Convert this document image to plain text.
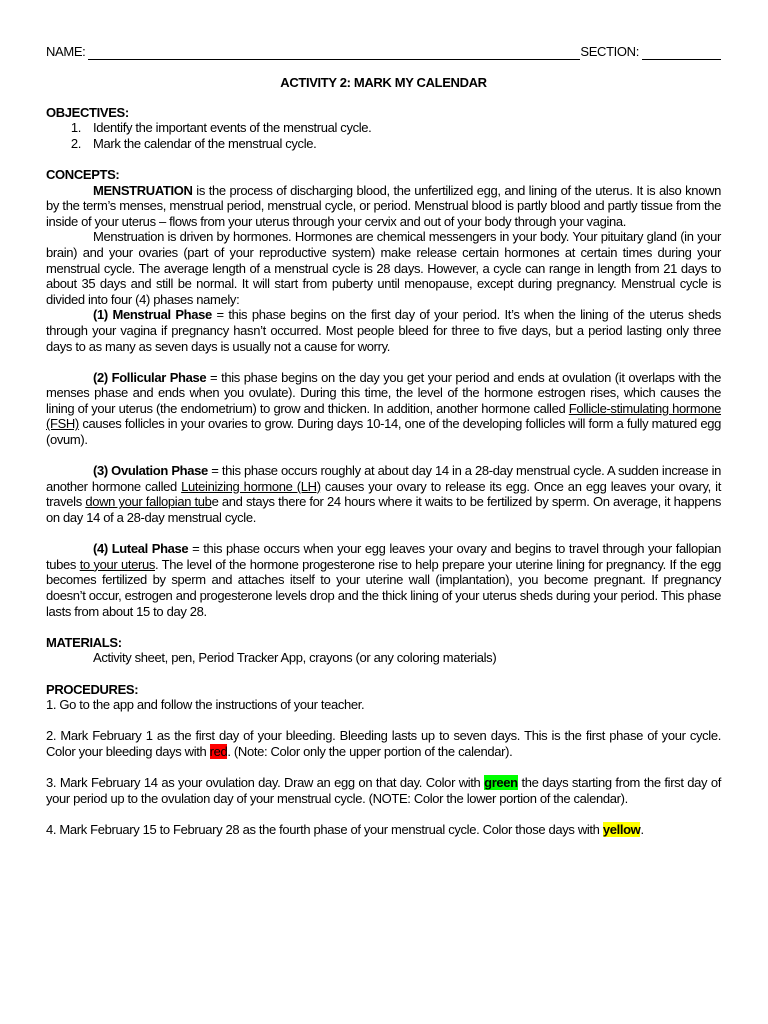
NAME:	SECTION:
ACTIVITY 2: MARK MY CALENDAR
OBJECTIVES:
1. Identify the important events of the menstrual cycle.
2. Mark the calendar of the menstrual cycle.
CONCEPTS:

MENSTRUATION is the process of discharging blood, the unfertilized egg, and lining of the uterus. It is also known by the term’s menses, menstrual period, menstrual cycle, or period. Menstrual blood is partly blood and partly tissue from the inside of your uterus – flows from your uterus through your cervix and out of your body through your vagina.

Menstruation is driven by hormones. Hormones are chemical messengers in your body. Your pituitary gland (in your brain) and your ovaries (part of your reproductive system) make release certain hormones at certain times during your menstrual cycle. The average length of a menstrual cycle is 28 days. However, a cycle can range in length from 21 days to about 35 days and still be normal. It will start from puberty until menopause, except during pregnancy. Menstrual cycle is divided into four (4) phases namely:

(1) Menstrual Phase = this phase begins on the first day of your period. It’s when the lining of the uterus sheds through your vagina if pregnancy hasn’t occurred. Most people bleed for three to five days, but a period lasting only three days to as many as seven days is usually not a cause for worry.

(2) Follicular Phase = this phase begins on the day you get your period and ends at ovulation (it overlaps with the menses phase and ends when you ovulate). During this time, the level of the hormone estrogen rises, which causes the lining of your uterus (the endometrium) to grow and thicken. In addition, another hormone called Follicle-stimulating hormone (FSH) causes follicles in your ovaries to grow. During days 10-14, one of the developing follicles will form a fully matured egg (ovum).

(3) Ovulation Phase = this phase occurs roughly at about day 14 in a 28-day menstrual cycle. A sudden increase in another hormone called Luteinizing hormone (LH) causes your ovary to release its egg. Once an egg leaves your ovary, it travels down your fallopian tube and stays there for 24 hours where it waits to be fertilized by sperm. On average, it happens on day 14 of a 28-day menstrual cycle.

(4) Luteal Phase = this phase occurs when your egg leaves your ovary and begins to travel through your fallopian tubes to your uterus. The level of the hormone progesterone rise to help prepare your uterine lining for pregnancy. If the egg becomes fertilized by sperm and attaches itself to your uterine wall (implantation), you become pregnant. If pregnancy doesn’t occur, estrogen and progesterone levels drop and the thick lining of your uterus sheds during your period. This phase lasts from about 15 to day 28.

MATERIALS:
Activity sheet, pen, Period Tracker App, crayons (or any coloring materials)
PROCEDURES:

1. Go to the app and follow the instructions of your teacher.

2. Mark February 1 as the first day of your bleeding. Bleeding lasts up to seven days. This is the first phase of your cycle. Color your bleeding days with red. (Note: Color only the upper portion of the calendar).

3. Mark February 14 as your ovulation day. Draw an egg on that day. Color with green the days starting from the first day of your period up to the ovulation day of your menstrual cycle. (NOTE: Color the lower portion of the calendar).

4. Mark February 15 to February 28 as the fourth phase of your menstrual cycle. Color those days with yellow.
